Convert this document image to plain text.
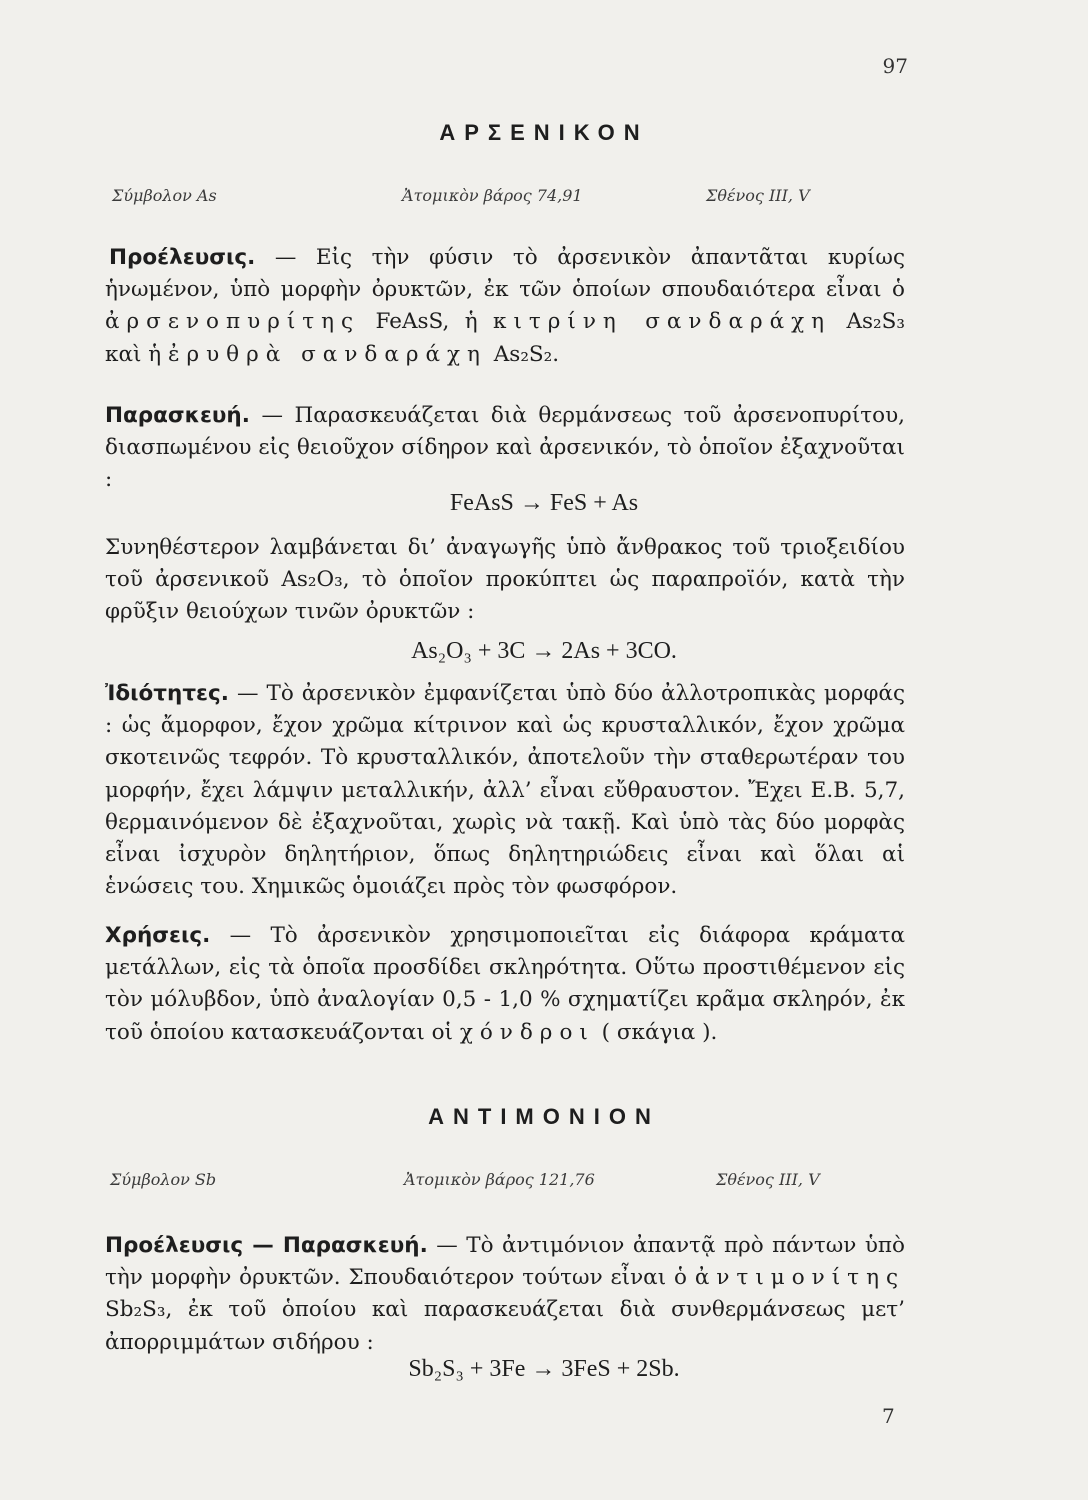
97
ΑΡΣΕΝΙΚΟΝ
Σύμβολον As	Ἀτομικὸν βάρος 74,91	Σθένος III, V

Προέλευσις. — Εἰς τὴν φύσιν τὸ ἀρσενικὸν ἀπαντᾶται κυρίως ἡνωμένον, ὑπὸ μορφὴν ὀρυκτῶν, ἐκ τῶν ὁποίων σπουδαιότερα εἶναι ὁ ἀρσενοπυρίτης FeAsS, ἡ κιτρίνη σανδαράχη As₂S₃ καὶ ἡ ἐρυθρὰ σανδαράχη As₂S₂.

Παρασκευή. — Παρασκευάζεται διὰ θερμάνσεως τοῦ ἀρσενοπυρίτου, διασπωμένου εἰς θειοῦχον σίδηρον καὶ ἀρσενικόν, τὸ ὁποῖον ἐξαχνοῦται :

FeAsS → FeS + As

Συνηθέστερον λαμβάνεται δι’ ἀναγωγῆς ὑπὸ ἄνθρακος τοῦ τριοξειδίου τοῦ ἀρσενικοῦ As₂O₃, τὸ ὁποῖον προκύπτει ὡς παραπροϊόν, κατὰ τὴν φρῦξιν θειούχων τινῶν ὀρυκτῶν :

As₂O₃ + 3C → 2As + 3CO.

Ἰδιότητες. — Τὸ ἀρσενικὸν ἐμφανίζεται ὑπὸ δύο ἀλλοτροπικὰς μορφάς : ὡς ἄμορφον, ἔχον χρῶμα κίτρινον καὶ ὡς κρυσταλλικόν, ἔχον χρῶμα σκοτεινῶς τεφρόν. Τὸ κρυσταλλικόν, ἀποτελοῦν τὴν σταθερωτέραν του μορφήν, ἔχει λάμψιν μεταλλικήν, ἀλλ’ εἶναι εὔθραυστον. Ἔχει Ε.Β. 5,7, θερμαινόμενον δὲ ἐξαχνοῦται, χωρὶς νὰ τακῇ. Καὶ ὑπὸ τὰς δύο μορφὰς εἶναι ἰσχυρὸν δηλητήριον, ὅπως δηλητηριώδεις εἶναι καὶ ὅλαι αἱ ἑνώσεις του. Χημικῶς ὁμοιάζει πρὸς τὸν φωσφόρον.

Χρήσεις. — Τὸ ἀρσενικὸν χρησιμοποιεῖται εἰς διάφορα κράματα μετάλλων, εἰς τὰ ὁποῖα προσδίδει σκληρότητα. Οὕτω προστιθέμενον εἰς τὸν μόλυβδον, ὑπὸ ἀναλογίαν 0,5 - 1,0 % σχηματίζει κρᾶμα σκληρόν, ἐκ τοῦ ὁποίου κατασκευάζονται οἱ χόνδροι ( σκάγια ).

ΑΝΤΙΜΟΝΙΟΝ
Σύμβολον Sb	Ἀτομικὸν βάρος 121,76	Σθένος III, V

Προέλευσις — Παρασκευή. — Τὸ ἀντιμόνιον ἀπαντᾷ πρὸ πάντων ὑπὸ τὴν μορφὴν ὀρυκτῶν. Σπουδαιότερον τούτων εἶναι ὁ ἀντιμονίτης Sb₂S₃, ἐκ τοῦ ὁποίου καὶ παρασκευάζεται διὰ συνθερμάνσεως μετ’ ἀπορριμμάτων σιδήρου :

Sb₂S₃ + 3Fe → 3FeS + 2Sb.

7
